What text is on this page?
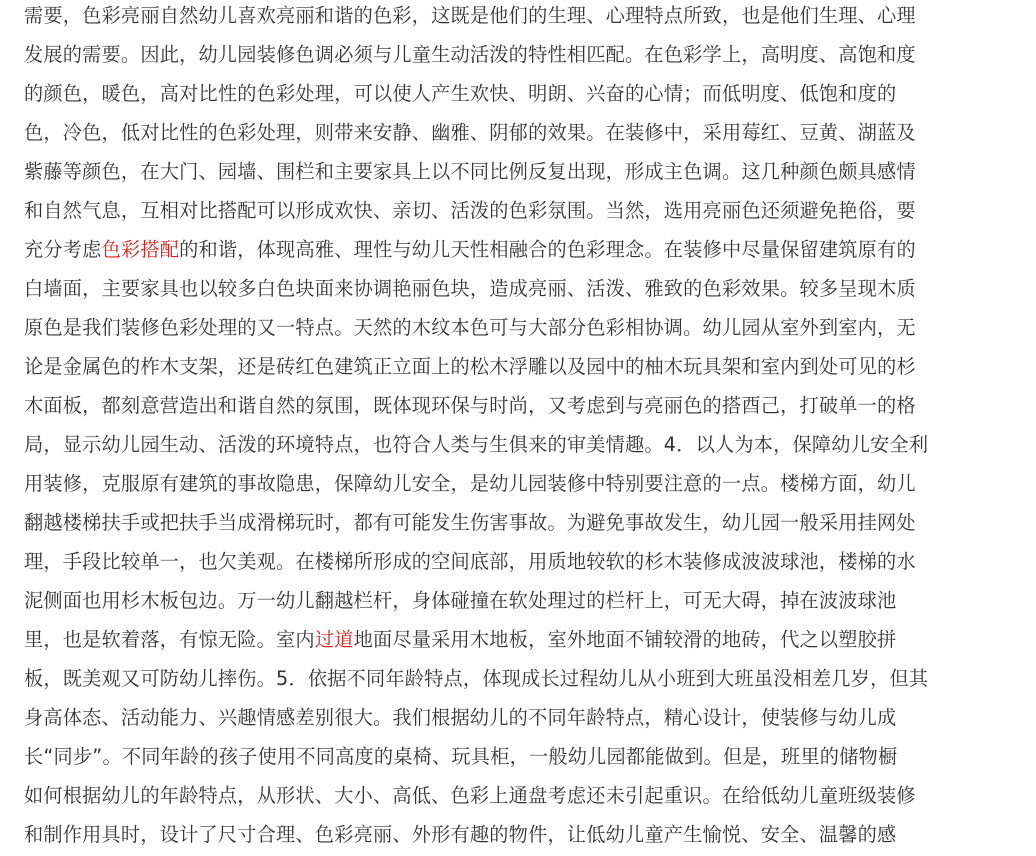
需要，色彩亮丽自然幼儿喜欢亮丽和谐的色彩，这既是他们的生理、心理特点所致，也是他们生理、心理
发展的需要。因此，幼儿园装修色调必须与儿童生动活泼的特性相匹配。在色彩学上，高明度、高饱和度
的颜色，暖色，高对比性的色彩处理，可以使人产生欢快、明朗、兴奋的心情；而低明度、低饱和度的
色，冷色，低对比性的色彩处理，则带来安静、幽雅、阴郁的效果。在装修中，采用莓红、豆黄、湖蓝及
紫藤等颜色，在大门、园墙、围栏和主要家具上以不同比例反复出现，形成主色调。这几种颜色颇具感情
和自然气息，互相对比搭配可以形成欢快、亲切、活泼的色彩氛围。当然，选用亮丽色还须避免艳俗，要
充分考虑色彩搭配的和谐，体现高雅、理性与幼儿天性相融合的色彩理念。在装修中尽量保留建筑原有的
白墙面，主要家具也以较多白色块面来协调艳丽色块，造成亮丽、活泼、雅致的色彩效果。较多呈现木质
原色是我们装修色彩处理的又一特点。天然的木纹本色可与大部分色彩相协调。幼儿园从室外到室内，无
论是金属色的柞木支架，还是砖红色建筑正立面上的松木浮雕以及园中的柚木玩具架和室内到处可见的杉
木面板，都刻意营造出和谐自然的氛围，既体现环保与时尚，又考虑到与亮丽色的搭酉己，打破单一的格
局，显示幼儿园生动、活泼的环境特点，也符合人类与生俱来的审美情趣。4．以人为本，保障幼儿安全利
用装修，克服原有建筑的事故隐患，保障幼儿安全，是幼儿园装修中特别要注意的一点。楼梯方面，幼儿
翻越楼梯扶手或把扶手当成滑梯玩时，都有可能发生伤害事故。为避免事故发生，幼儿园一般采用挂网处
理，手段比较单一，也欠美观。在楼梯所形成的空间底部，用质地较软的杉木装修成波波球池，楼梯的水
泥侧面也用杉木板包边。万一幼儿翻越栏杆，身体碰撞在软处理过的栏杆上，可无大碍，掉在波波球池
里，也是软着落，有惊无险。室内过道地面尽量采用木地板，室外地面不铺较滑的地砖，代之以塑胶拼
板，既美观又可防幼儿摔伤。5．依据不同年龄特点，体现成长过程幼儿从小班到大班虽没相差几岁，但其
身高体态、活动能力、兴趣情感差别很大。我们根据幼儿的不同年龄特点，精心设计，使装修与幼儿成
长“同步”。不同年龄的孩子使用不同高度的桌椅、玩具柜，一般幼儿园都能做到。但是，班里的储物橱
如何根据幼儿的年龄特点，从形状、大小、高低、色彩上通盘考虑还未引起重识。在给低幼儿童班级装修
和制作用具时，设计了尺寸合理、色彩亮丽、外形有趣的物件，让低幼儿童产生愉悦、安全、温馨的感
